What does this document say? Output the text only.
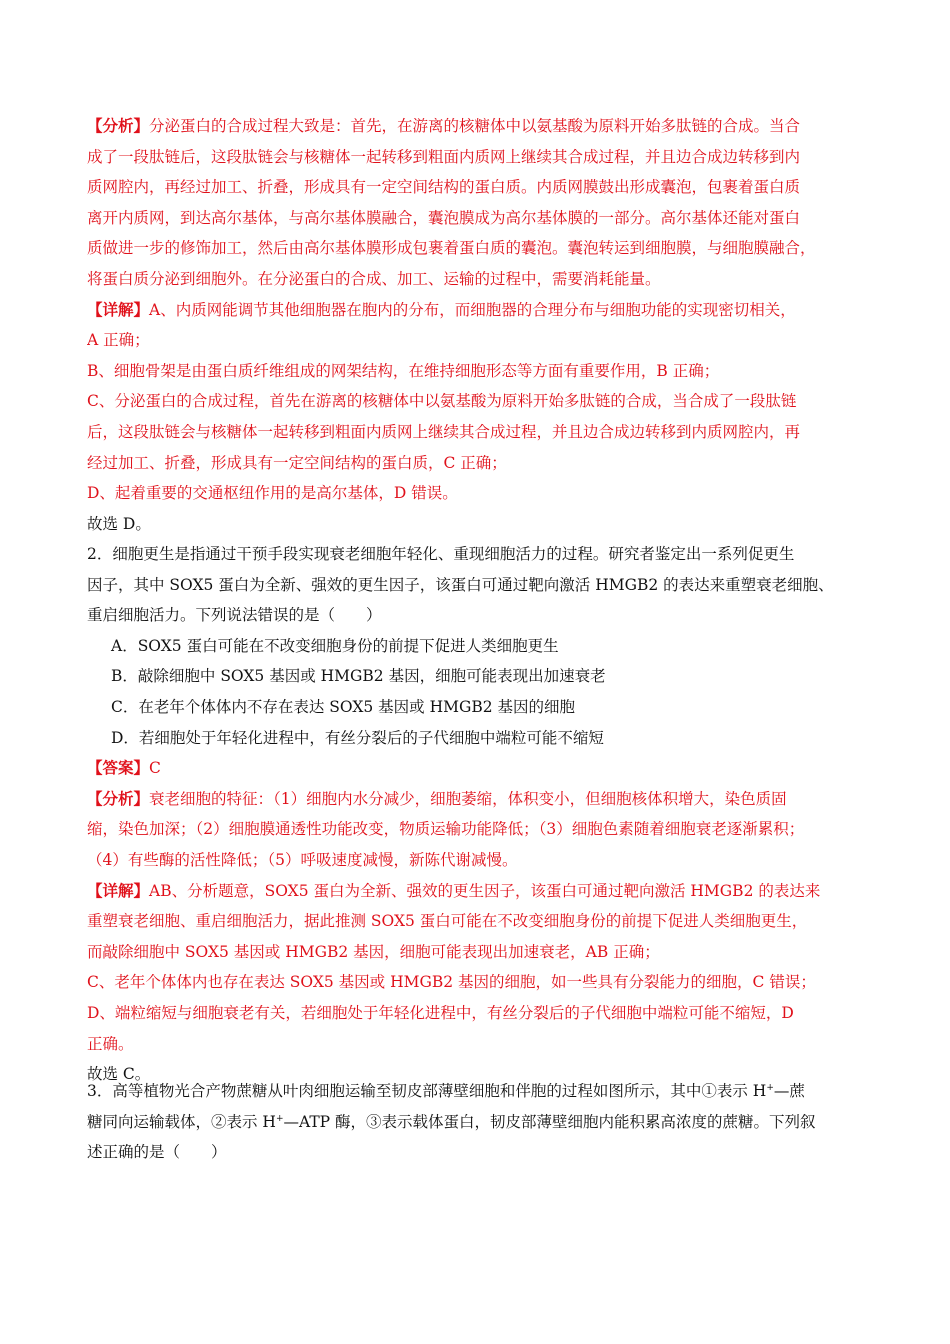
【分析】分泌蛋白的合成过程大致是：首先，在游离的核糖体中以氨基酸为原料开始多肽链的合成。当合
成了一段肽链后，这段肽链会与核糖体一起转移到粗面内质网上继续其合成过程，并且边合成边转移到内
质网腔内，再经过加工、折叠，形成具有一定空间结构的蛋白质。内质网膜鼓出形成囊泡，包裹着蛋白质
离开内质网，到达高尔基体，与高尔基体膜融合，囊泡膜成为高尔基体膜的一部分。高尔基体还能对蛋白
质做进一步的修饰加工，然后由高尔基体膜形成包裹着蛋白质的囊泡。囊泡转运到细胞膜，与细胞膜融合，
将蛋白质分泌到细胞外。在分泌蛋白的合成、加工、运输的过程中，需要消耗能量。
【详解】A、内质网能调节其他细胞器在胞内的分布，而细胞器的合理分布与细胞功能的实现密切相关，
A 正确；
B、细胞骨架是由蛋白质纤维组成的网架结构，在维持细胞形态等方面有重要作用，B 正确；
C、分泌蛋白的合成过程，首先在游离的核糖体中以氨基酸为原料开始多肽链的合成，当合成了一段肽链
后，这段肽链会与核糖体一起转移到粗面内质网上继续其合成过程，并且边合成边转移到内质网腔内，再
经过加工、折叠，形成具有一定空间结构的蛋白质，C 正确；
D、起着重要的交通枢纽作用的是高尔基体，D 错误。
故选 D。
2．细胞更生是指通过干预手段实现衰老细胞年轻化、重现细胞活力的过程。研究者鉴定出一系列促更生
因子，其中 SOX5 蛋白为全新、强效的更生因子，该蛋白可通过靶向激活 HMGB2 的表达来重塑衰老细胞、
重启细胞活力。下列说法错误的是（　　）
A．SOX5 蛋白可能在不改变细胞身份的前提下促进人类细胞更生
B．敲除细胞中 SOX5 基因或 HMGB2 基因，细胞可能表现出加速衰老
C．在老年个体体内不存在表达 SOX5 基因或 HMGB2 基因的细胞
D．若细胞处于年轻化进程中，有丝分裂后的子代细胞中端粒可能不缩短
【答案】C
【分析】衰老细胞的特征：（1）细胞内水分减少，细胞萎缩，体积变小，但细胞核体积增大，染色质固
缩，染色加深；（2）细胞膜通透性功能改变，物质运输功能降低；（3）细胞色素随着细胞衰老逐渐累积；
（4）有些酶的活性降低；（5）呼吸速度减慢，新陈代谢减慢。
【详解】AB、分析题意，SOX5 蛋白为全新、强效的更生因子，该蛋白可通过靶向激活 HMGB2 的表达来
重塑衰老细胞、重启细胞活力，据此推测 SOX5 蛋白可能在不改变细胞身份的前提下促进人类细胞更生，
而敲除细胞中 SOX5 基因或 HMGB2 基因，细胞可能表现出加速衰老，AB 正确；
C、老年个体体内也存在表达 SOX5 基因或 HMGB2 基因的细胞，如一些具有分裂能力的细胞，C 错误；
D、端粒缩短与细胞衰老有关，若细胞处于年轻化进程中，有丝分裂后的子代细胞中端粒可能不缩短，D
正确。
故选 C。
3．高等植物光合产物蔗糖从叶肉细胞运输至韧皮部薄壁细胞和伴胞的过程如图所示，其中①表示 H+—蔗
糖同向运输载体，②表示 H+—ATP 酶，③表示载体蛋白，韧皮部薄壁细胞内能积累高浓度的蔗糖。下列叙
述正确的是（　　）
